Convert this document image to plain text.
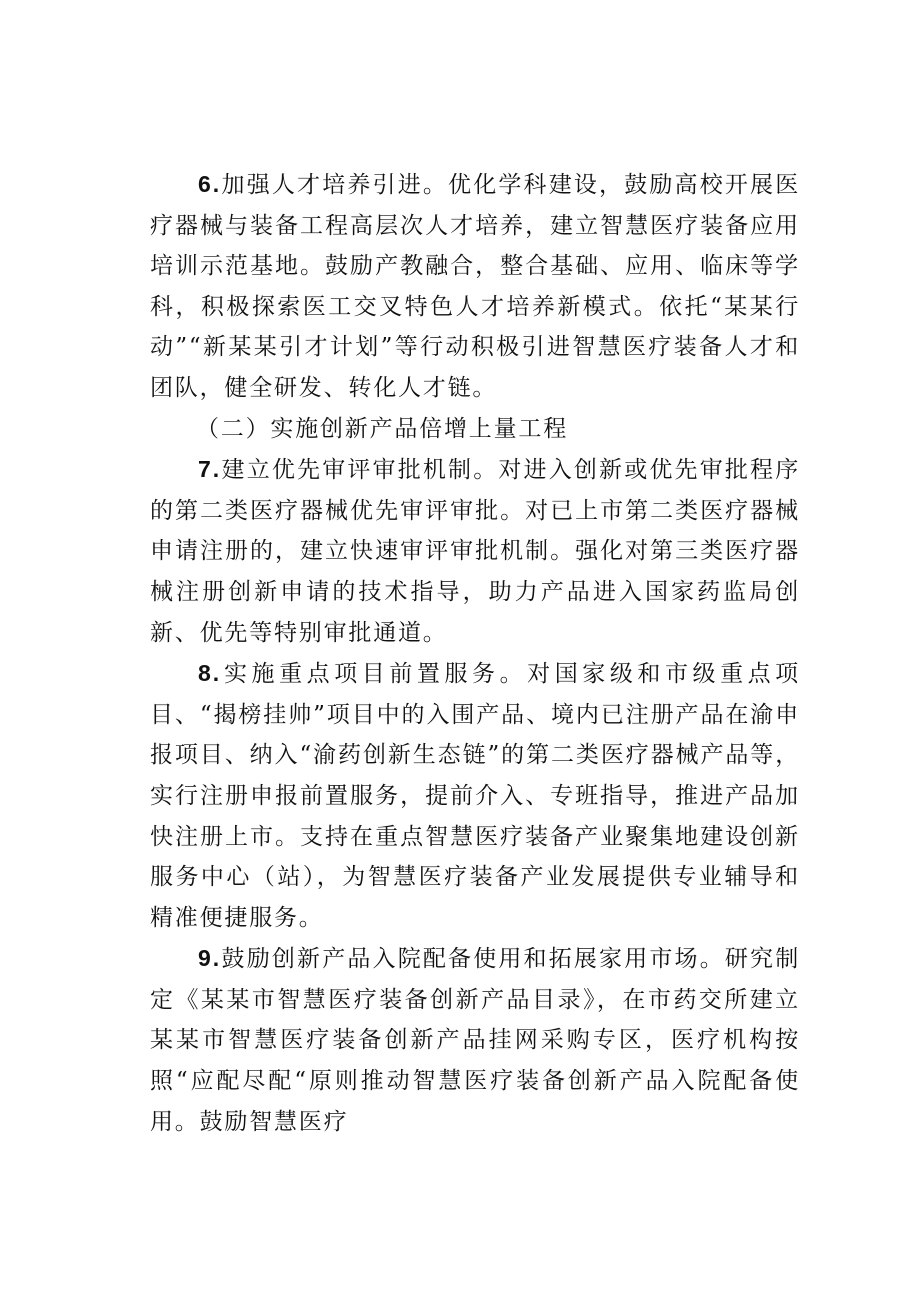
6.加强人才培养引进。优化学科建设，鼓励高校开展医疗器械与装备工程高层次人才培养，建立智慧医疗装备应用培训示范基地。鼓励产教融合，整合基础、应用、临床等学科，积极探索医工交叉特色人才培养新模式。依托“某某行动”“新某某引才计划”等行动积极引进智慧医疗装备人才和团队，健全研发、转化人才链。

（二）实施创新产品倍增上量工程

7.建立优先审评审批机制。对进入创新或优先审批程序的第二类医疗器械优先审评审批。对已上市第二类医疗器械申请注册的，建立快速审评审批机制。强化对第三类医疗器械注册创新申请的技术指导，助力产品进入国家药监局创新、优先等特别审批通道。

8.实施重点项目前置服务。对国家级和市级重点项目、“揭榜挂帅”项目中的入围产品、境内已注册产品在渝申报项目、纳入“渝药创新生态链”的第二类医疗器械产品等，实行注册申报前置服务，提前介入、专班指导，推进产品加快注册上市。支持在重点智慧医疗装备产业聚集地建设创新服务中心（站），为智慧医疗装备产业发展提供专业辅导和精准便捷服务。

9.鼓励创新产品入院配备使用和拓展家用市场。研究制定《某某市智慧医疗装备创新产品目录》，在市药交所建立某某市智慧医疗装备创新产品挂网采购专区，医疗机构按照“应配尽配“原则推动智慧医疗装备创新产品入院配备使用。鼓励智慧医疗
